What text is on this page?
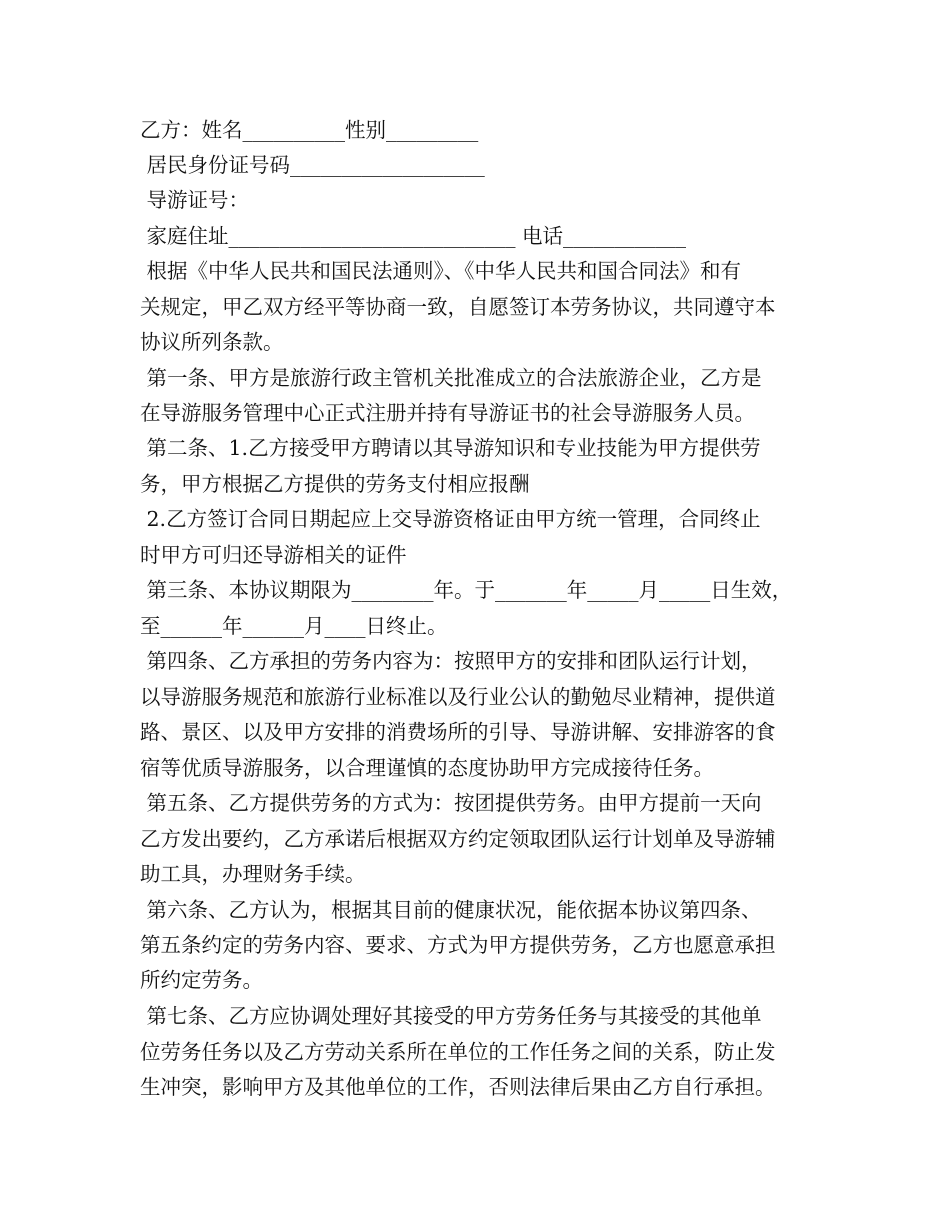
乙方：姓名__________性别_________
居民身份证号码___________________
导游证号：
家庭住址____________________________ 电话____________
根据《中华人民共和国民法通则》、《中华人民共和国合同法》和有
关规定，甲乙双方经平等协商一致，自愿签订本劳务协议，共同遵守本
协议所列条款。
第一条、甲方是旅游行政主管机关批准成立的合法旅游企业，乙方是
在导游服务管理中心正式注册并持有导游证书的社会导游服务人员。
第二条、1.乙方接受甲方聘请以其导游知识和专业技能为甲方提供劳
务，甲方根据乙方提供的劳务支付相应报酬
2.乙方签订合同日期起应上交导游资格证由甲方统一管理，合同终止
时甲方可归还导游相关的证件
第三条、本协议期限为________年。于_______年_____月_____日生效，
至______年______月____日终止。
第四条、乙方承担的劳务内容为：按照甲方的安排和团队运行计划，
以导游服务规范和旅游行业标准以及行业公认的勤勉尽业精神，提供道
路、景区、以及甲方安排的消费场所的引导、导游讲解、安排游客的食
宿等优质导游服务，以合理谨慎的态度协助甲方完成接待任务。
第五条、乙方提供劳务的方式为：按团提供劳务。由甲方提前一天向
乙方发出要约，乙方承诺后根据双方约定领取团队运行计划单及导游辅
助工具，办理财务手续。
第六条、乙方认为，根据其目前的健康状况，能依据本协议第四条、
第五条约定的劳务内容、要求、方式为甲方提供劳务，乙方也愿意承担
所约定劳务。
第七条、乙方应协调处理好其接受的甲方劳务任务与其接受的其他单
位劳务任务以及乙方劳动关系所在单位的工作任务之间的关系，防止发
生冲突，影响甲方及其他单位的工作，否则法律后果由乙方自行承担。
